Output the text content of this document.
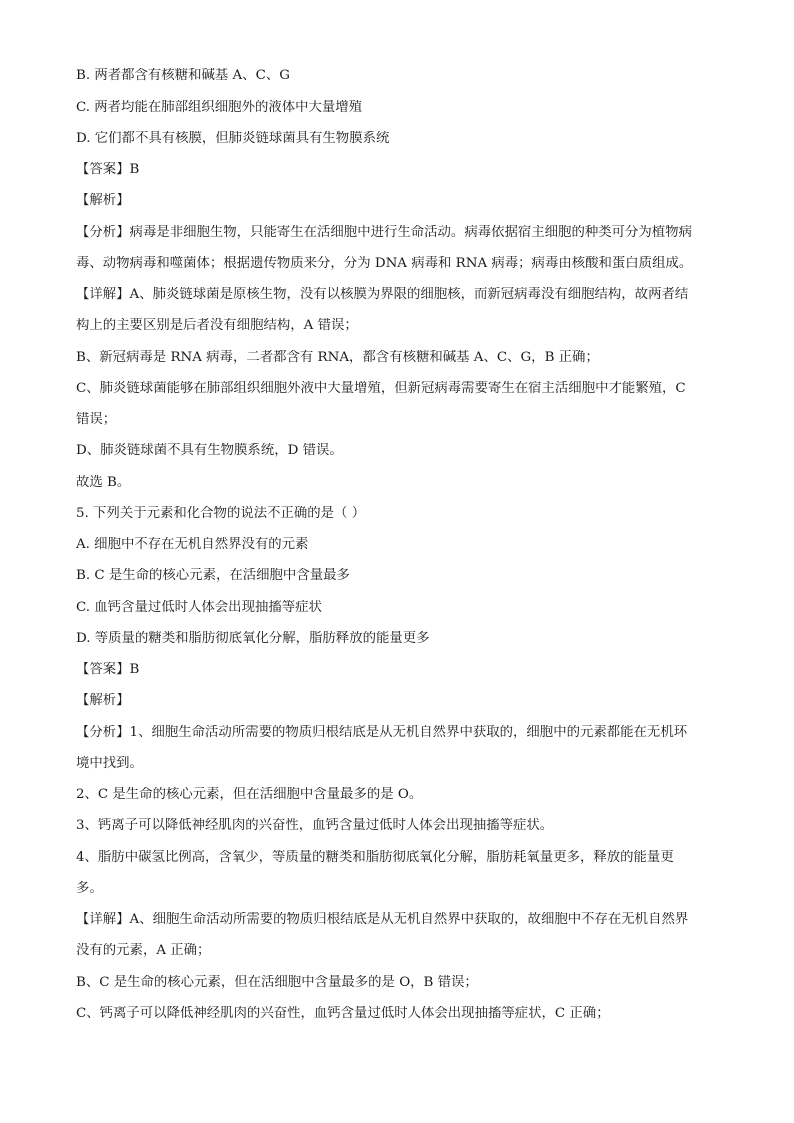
B. 两者都含有核糖和碱基 A、C、G
C. 两者均能在肺部组织细胞外的液体中大量增殖
D. 它们都不具有核膜，但肺炎链球菌具有生物膜系统
【答案】B
【解析】
【分析】病毒是非细胞生物，只能寄生在活细胞中进行生命活动。病毒依据宿主细胞的种类可分为植物病
毒、动物病毒和噬菌体；根据遗传物质来分，分为 DNA 病毒和 RNA 病毒；病毒由核酸和蛋白质组成。
【详解】A、肺炎链球菌是原核生物，没有以核膜为界限的细胞核，而新冠病毒没有细胞结构，故两者结
构上的主要区别是后者没有细胞结构，A 错误；
B、新冠病毒是 RNA 病毒，二者都含有 RNA，都含有核糖和碱基 A、C、G，B 正确；
C、肺炎链球菌能够在肺部组织细胞外液中大量增殖，但新冠病毒需要寄生在宿主活细胞中才能繁殖，C
错误；
D、肺炎链球菌不具有生物膜系统，D 错误。
故选 B。
5. 下列关于元素和化合物的说法不正确的是（ ）
A. 细胞中不存在无机自然界没有的元素
B. C 是生命的核心元素，在活细胞中含量最多
C. 血钙含量过低时人体会出现抽搐等症状
D. 等质量的糖类和脂肪彻底氧化分解，脂肪释放的能量更多
【答案】B
【解析】
【分析】1、细胞生命活动所需要的物质归根结底是从无机自然界中获取的，细胞中的元素都能在无机环
境中找到。
2、C 是生命的核心元素，但在活细胞中含量最多的是 O。
3、钙离子可以降低神经肌肉的兴奋性，血钙含量过低时人体会出现抽搐等症状。
4、脂肪中碳氢比例高，含氧少，等质量的糖类和脂肪彻底氧化分解，脂肪耗氧量更多，释放的能量更
多。
【详解】A、细胞生命活动所需要的物质归根结底是从无机自然界中获取的，故细胞中不存在无机自然界
没有的元素，A 正确；
B、C 是生命的核心元素，但在活细胞中含量最多的是 O，B 错误；
C、钙离子可以降低神经肌肉的兴奋性，血钙含量过低时人体会出现抽搐等症状，C 正确；
